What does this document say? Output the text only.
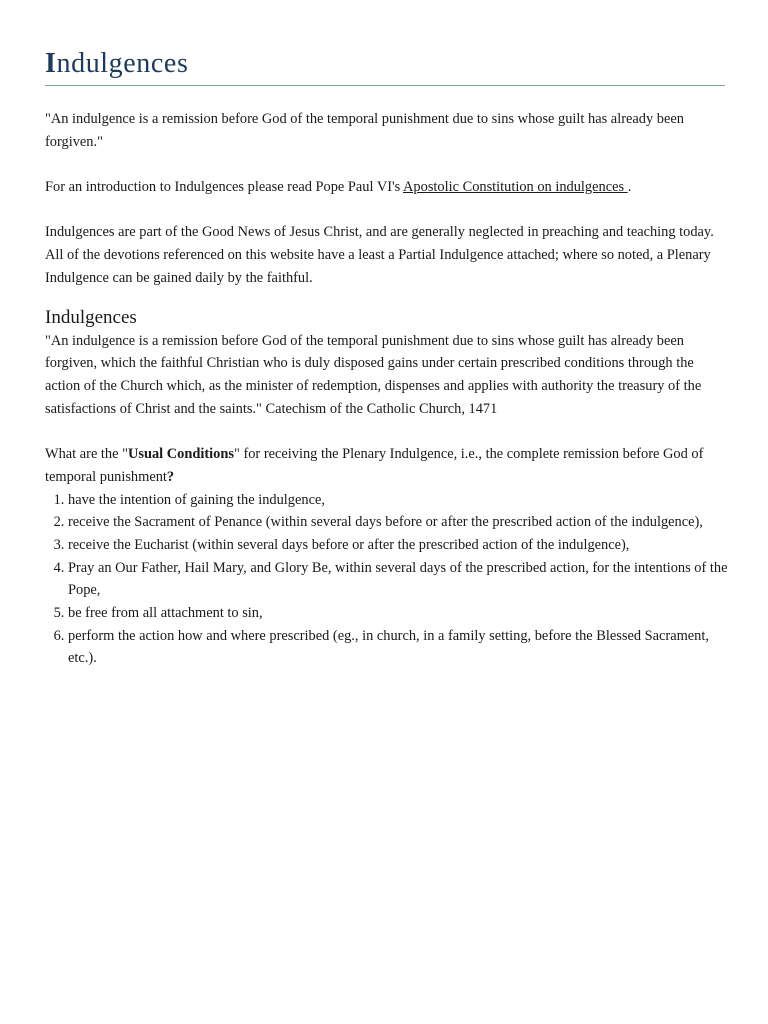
Indulgences

"An indulgence is a remission before God of the temporal punishment due to sins whose guilt has already been forgiven."

For an introduction to Indulgences please read Pope Paul VI's Apostolic Constitution on indulgences .

Indulgences are part of the Good News of Jesus Christ, and are generally neglected in preaching and teaching today. All of the devotions referenced on this website have a least a Partial Indulgence attached; where so noted, a Plenary Indulgence can be gained daily by the faithful.

Indulgences

"An indulgence is a remission before God of the temporal punishment due to sins whose guilt has already been forgiven, which the faithful Christian who is duly disposed gains under certain prescribed conditions through the action of the Church which, as the minister of redemption, dispenses and applies with authority the treasury of the satisfactions of Christ and the saints." Catechism of the Catholic Church, 1471

What are the "Usual Conditions" for receiving the Plenary Indulgence, i.e., the complete remission before God of temporal punishment?

1. have the intention of gaining the indulgence,
2. receive the Sacrament of Penance (within several days before or after the prescribed action of the indulgence),
3. receive the Eucharist (within several days before or after the prescribed action of the indulgence),
4. Pray an Our Father, Hail Mary, and Glory Be, within several days of the prescribed action, for the intentions of the Pope,
5. be free from all attachment to sin,
6. perform the action how and where prescribed (eg., in church, in a family setting, before the Blessed Sacrament, etc.).
